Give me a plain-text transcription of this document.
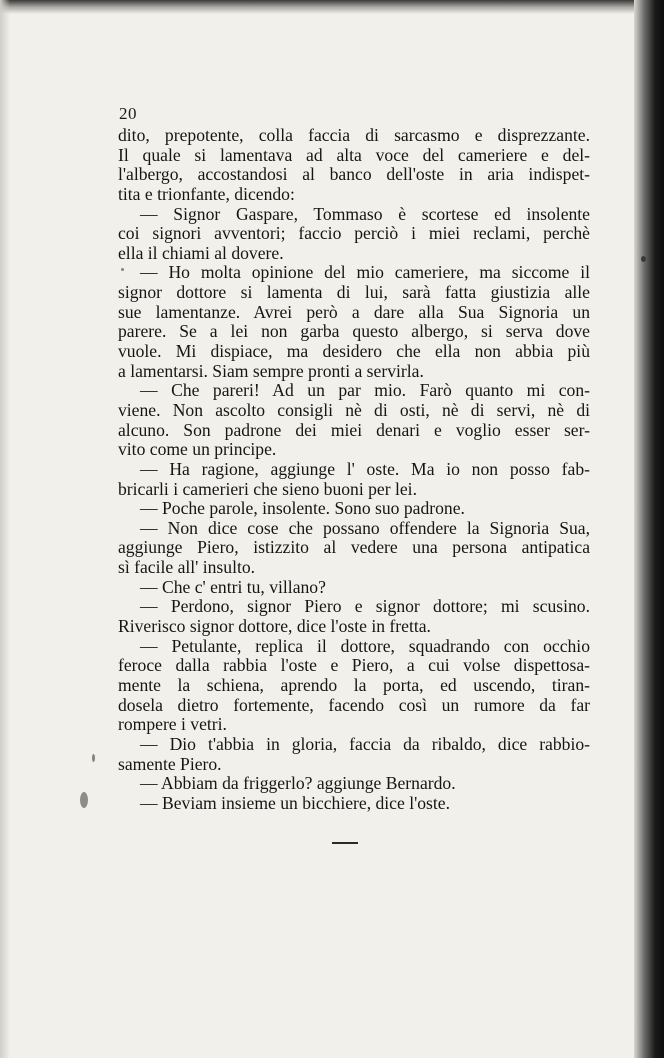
20
dito, prepotente, colla faccia di sarcasmo e disprezzante.
Il quale si lamentava ad alta voce del cameriere e del-
l'albergo, accostandosi al banco dell'oste in aria indispet-
tita e trionfante, dicendo:
— Signor Gaspare, Tommaso è scortese ed insolente
coi signori avventori; faccio perciò i miei reclami, perchè
ella il chiami al dovere.
— Ho molta opinione del mio cameriere, ma siccome il
signor dottore si lamenta di lui, sarà fatta giustizia alle
sue lamentanze. Avrei però a dare alla Sua Signoria un
parere. Se a lei non garba questo albergo, si serva dove
vuole. Mi dispiace, ma desidero che ella non abbia più
a lamentarsi. Siam sempre pronti a servirla.
— Che pareri! Ad un par mio. Farò quanto mi con-
viene. Non ascolto consigli nè di osti, nè di servi, nè di
alcuno. Son padrone dei miei denari e voglio esser ser-
vito come un principe.
— Ha ragione, aggiunge l' oste. Ma io non posso fab-
bricarli i camerieri che sieno buoni per lei.
— Poche parole, insolente. Sono suo padrone.
— Non dice cose che possano offendere la Signoria Sua,
aggiunge Piero, istizzito al vedere una persona antipatica
sì facile all' insulto.
— Che c' entri tu, villano?
— Perdono, signor Piero e signor dottore; mi scusino.
Riverisco signor dottore, dice l'oste in fretta.
— Petulante, replica il dottore, squadrando con occhio
feroce dalla rabbia l'oste e Piero, a cui volse dispettosa-
mente la schiena, aprendo la porta, ed uscendo, tiran-
dosela dietro fortemente, facendo così un rumore da far
rompere i vetri.
— Dio t'abbia in gloria, faccia da ribaldo, dice rabbio-
samente Piero.
— Abbiam da friggerlo? aggiunge Bernardo.
— Beviam insieme un bicchiere, dice l'oste.
